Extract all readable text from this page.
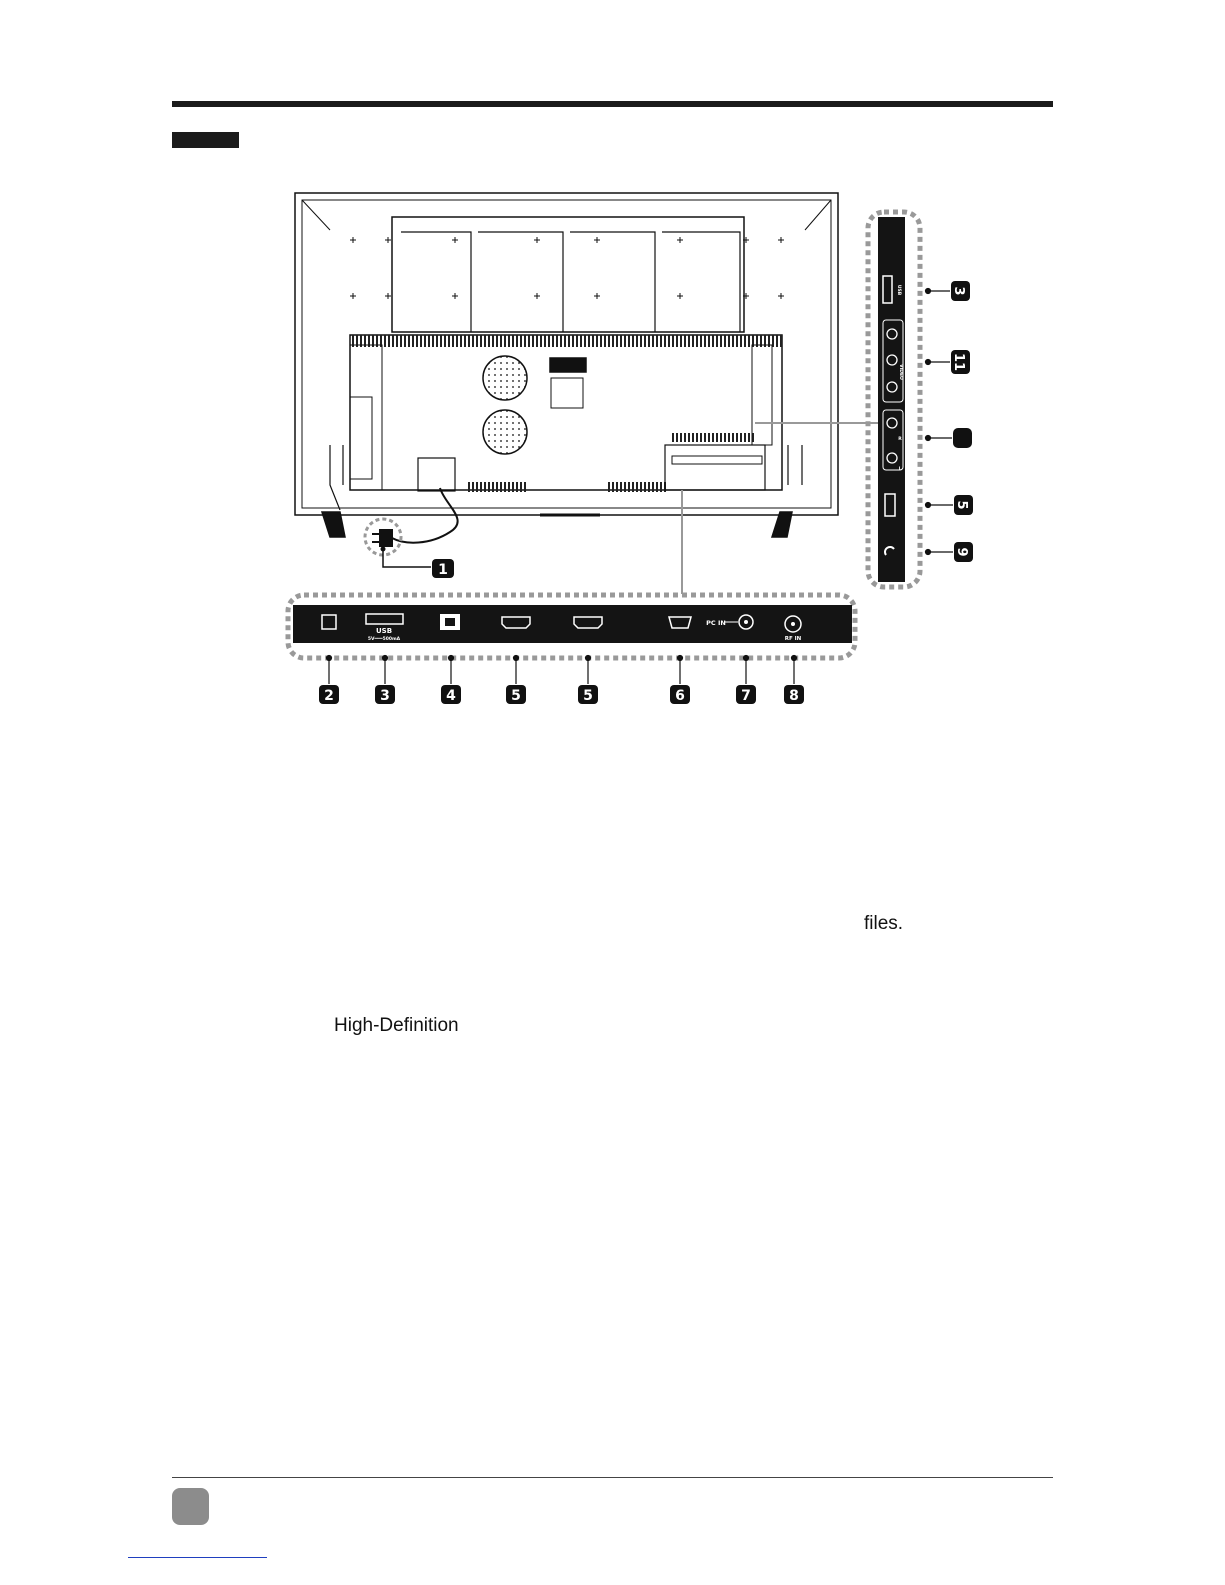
1
USB
5V═══500mA
PC IN
RF IN
2	3	4	5	5	6	7	8
USB
VIDEO
R
L
3
11
5
9
files.
High-Definition
